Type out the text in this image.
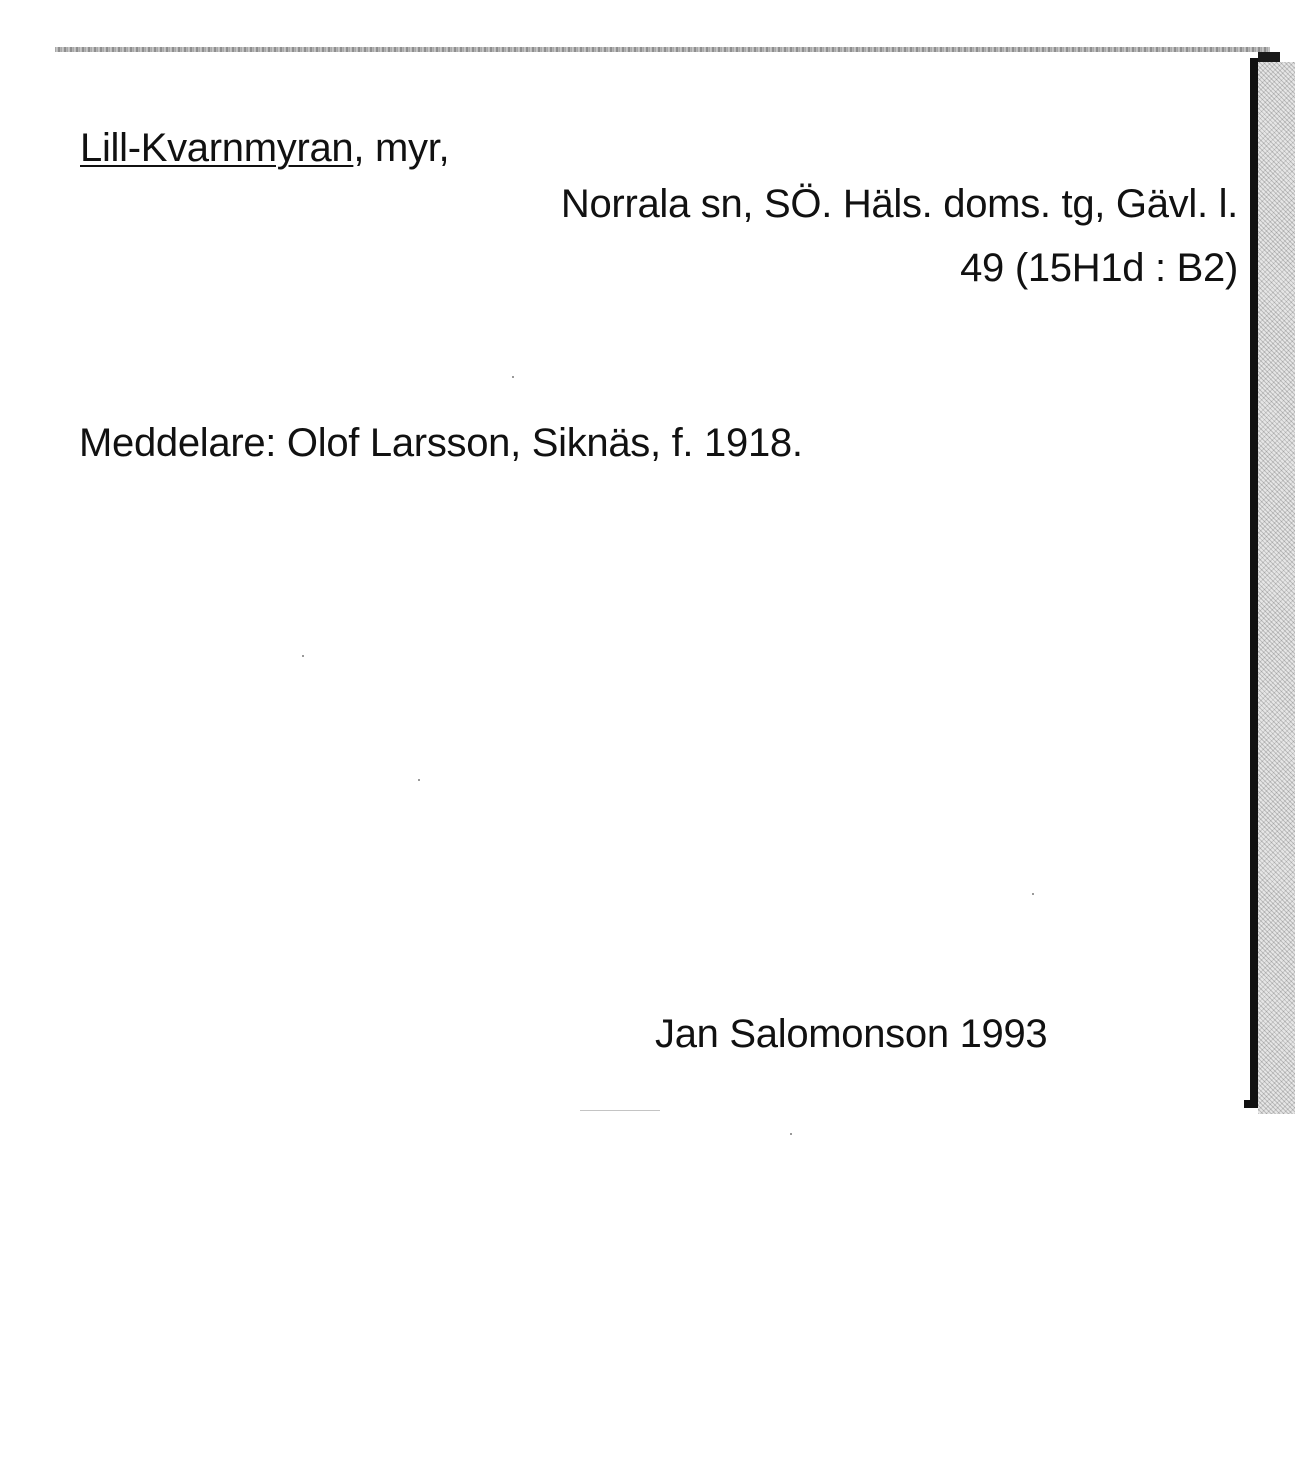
Lill-Kvarnmyran, myr,
Norrala sn, SÖ. Häls. doms. tg, Gävl. l.
49 (15H1d : B2)
Meddelare: Olof Larsson, Siknäs, f. 1918.
Jan Salomonson 1993
